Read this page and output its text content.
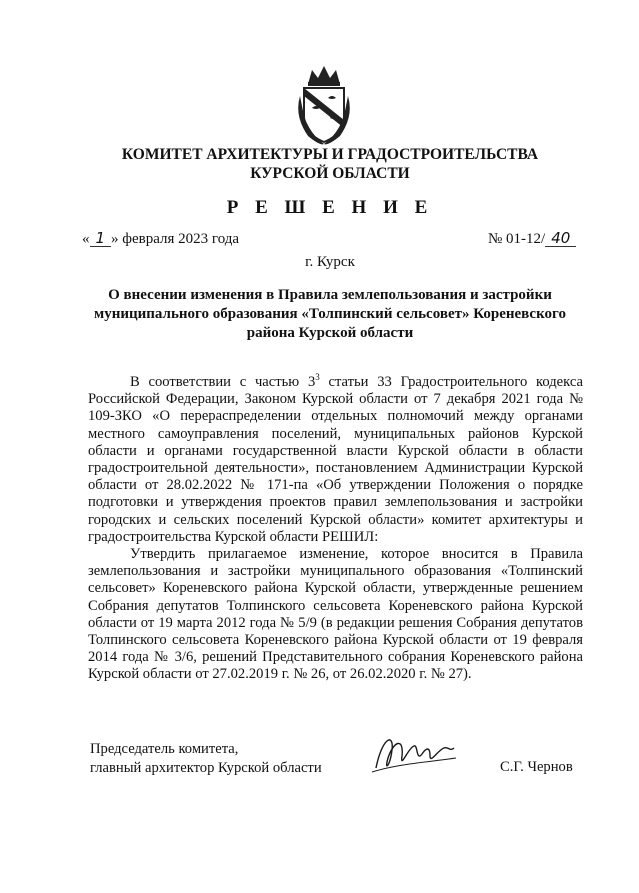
КОМИТЕТ АРХИТЕКТУРЫ И ГРАДОСТРОИТЕЛЬСТВА
КУРСКОЙ ОБЛАСТИ
Р Е Ш Е Н И Е
« 1 » февраля 2023 года	№ 01-12/ 40
г. Курск
О внесении изменения в Правила землепользования и застройки
муниципального образования «Толпинский сельсовет» Кореневского
района Курской области

В соответствии с частью $3^3$ статьи 33 Градостроительного кодекса Российской Федерации, Законом Курской области от 7 декабря 2021 года № 109-ЗКО «О перераспределении отдельных полномочий между органами местного самоуправления поселений, муниципальных районов Курской области и органами государственной власти Курской области в области градостроительной деятельности», постановлением Администрации Курской области от 28.02.2022 № 171-па «Об утверждении Положения о порядке подготовки и утверждения проектов правил землепользования и застройки городских и сельских поселений Курской области» комитет архитектуры и градостроительства Курской области РЕШИЛ:

Утвердить прилагаемое изменение, которое вносится в Правила землепользования и застройки муниципального образования «Толпинский сельсовет» Кореневского района Курской области, утвержденные решением Собрания депутатов Толпинского сельсовета Кореневского района Курской области от 19 марта 2012 года № 5/9 (в редакции решения Собрания депутатов Толпинского сельсовета Кореневского района Курской области от 19 февраля 2014 года № 3/6, решений Представительного собрания Кореневского района Курской области от 27.02.2019 г. № 26, от 26.02.2020 г. № 27).

Председатель комитета,
главный архитектор Курской области	С.Г. Чернов
